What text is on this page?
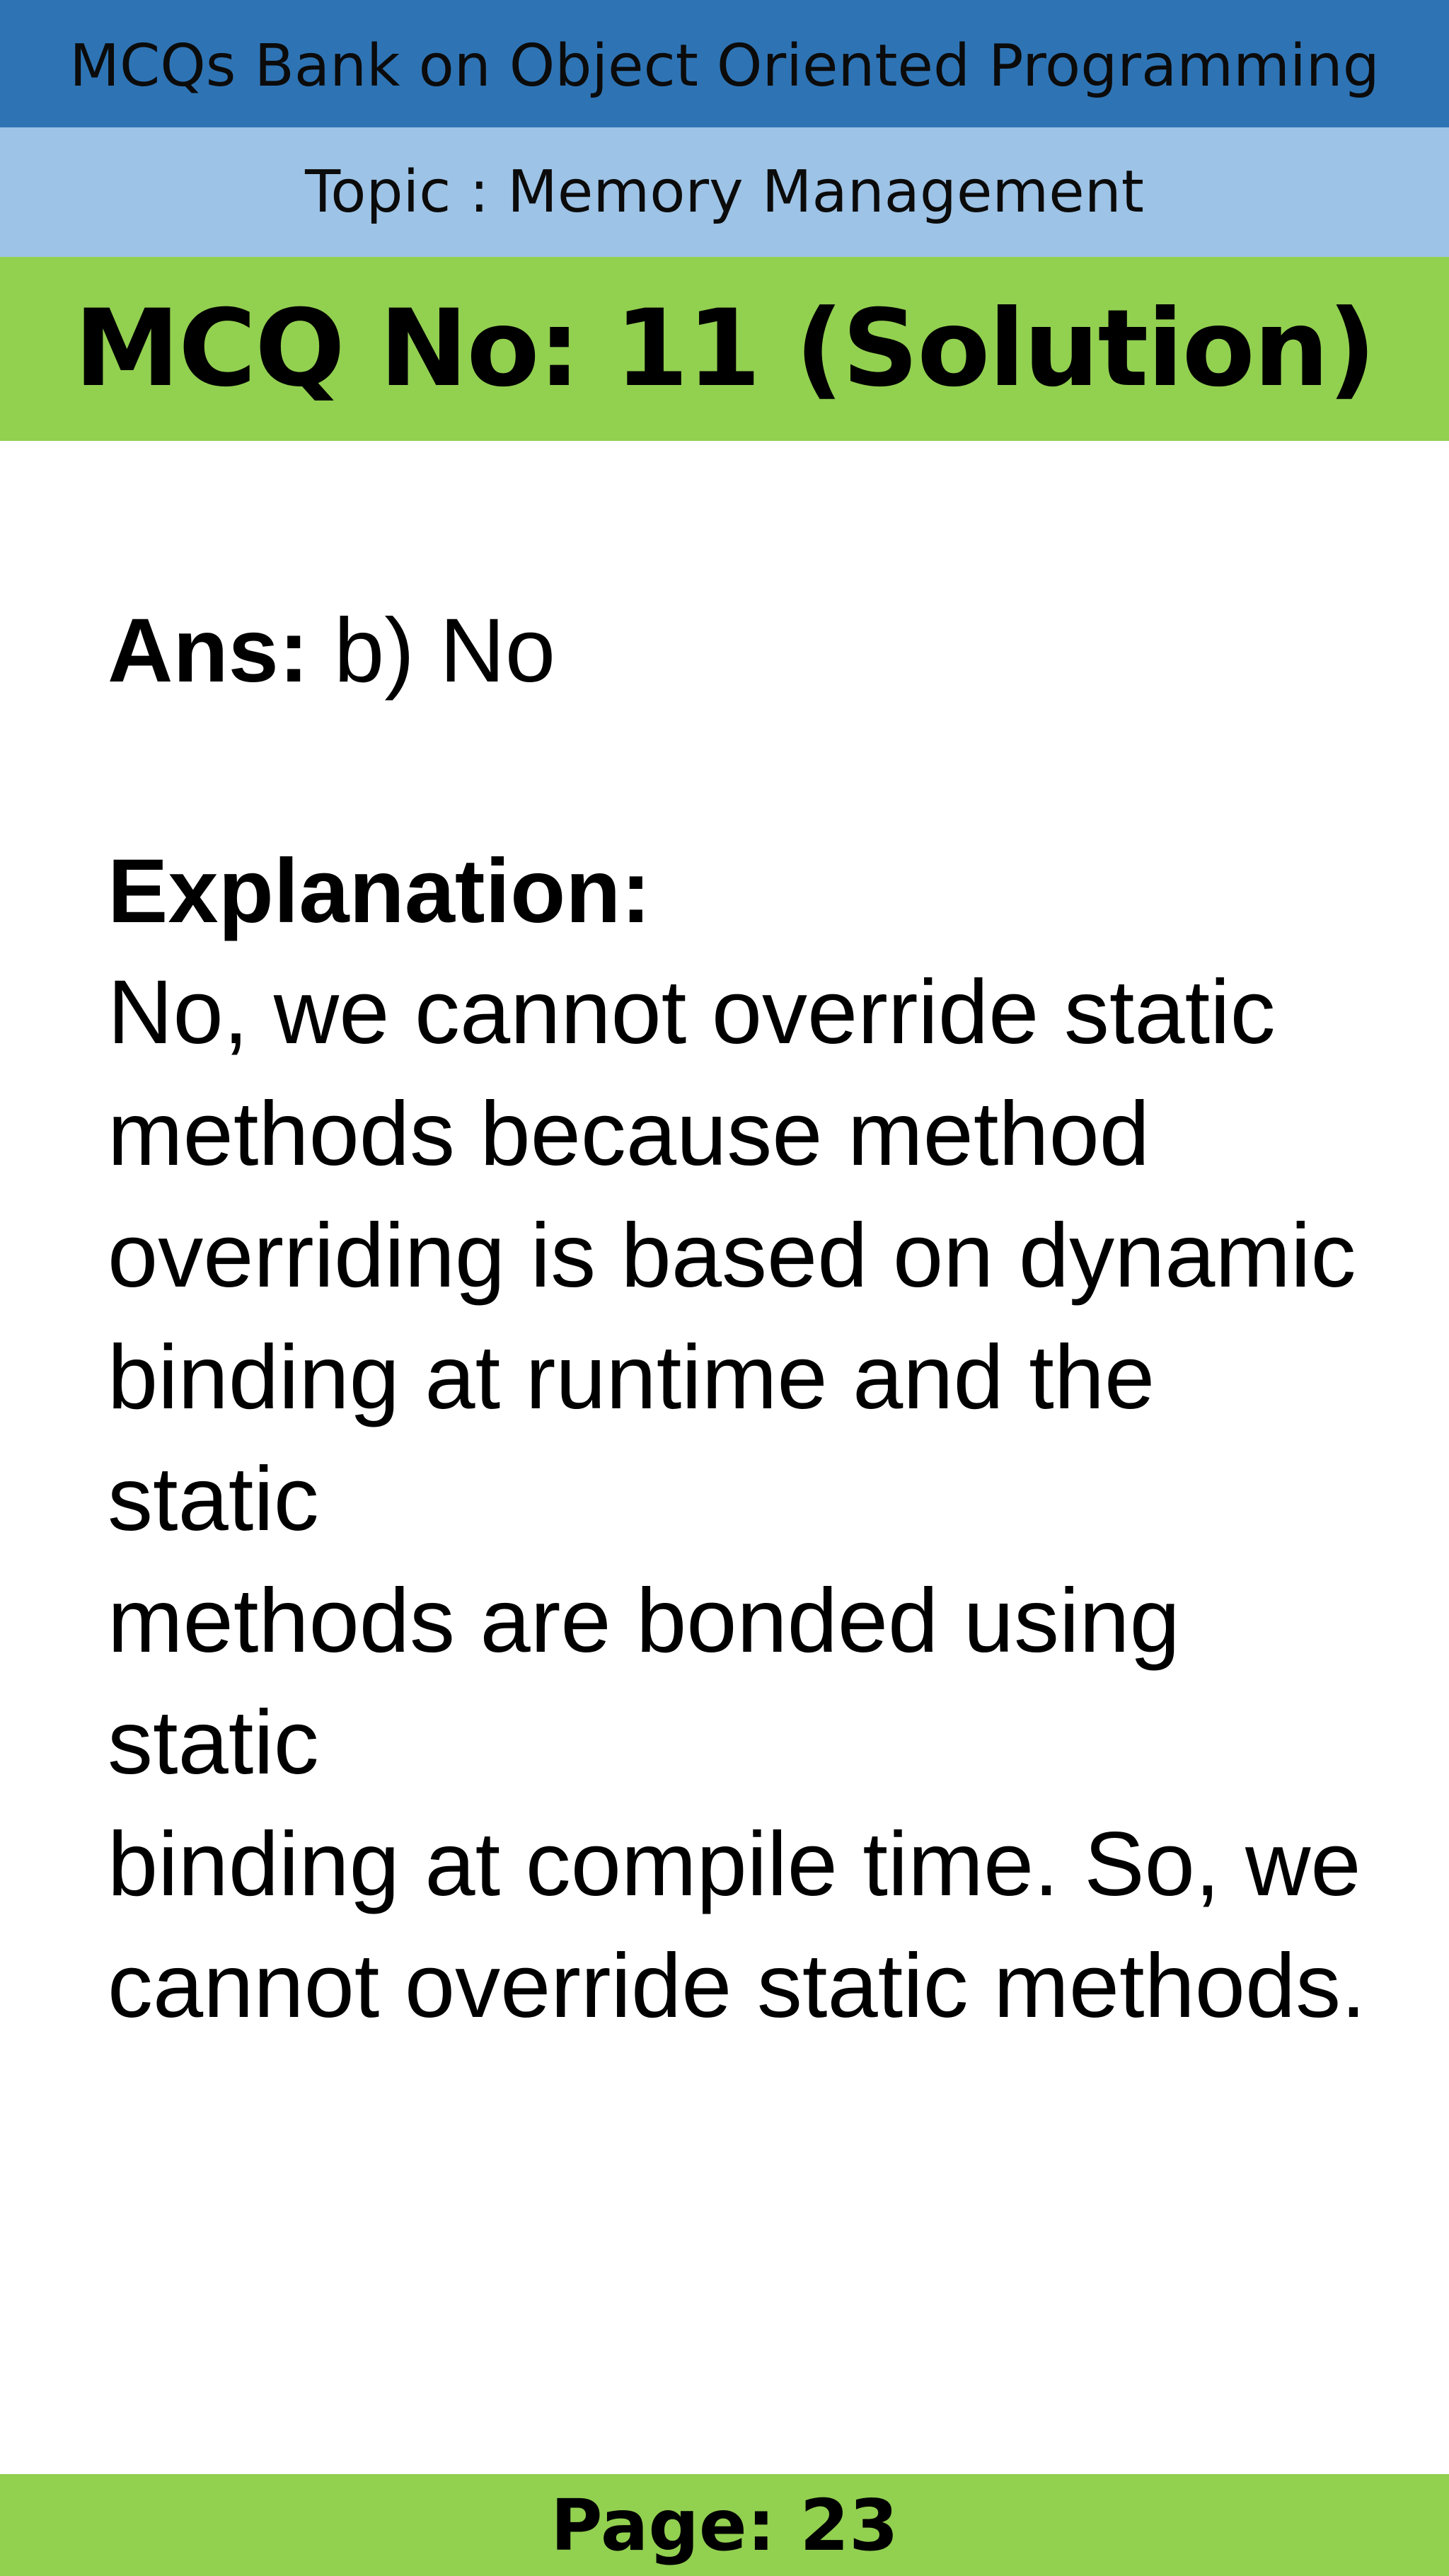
MCQs Bank on Object Oriented Programming
Topic : Memory Management
MCQ No: 11 (Solution)

Ans: b) No

Explanation:
No, we cannot override static
methods because method
overriding is based on dynamic
binding at runtime and the static
methods are bonded using static
binding at compile time. So, we
cannot override static methods.
Page: 23
